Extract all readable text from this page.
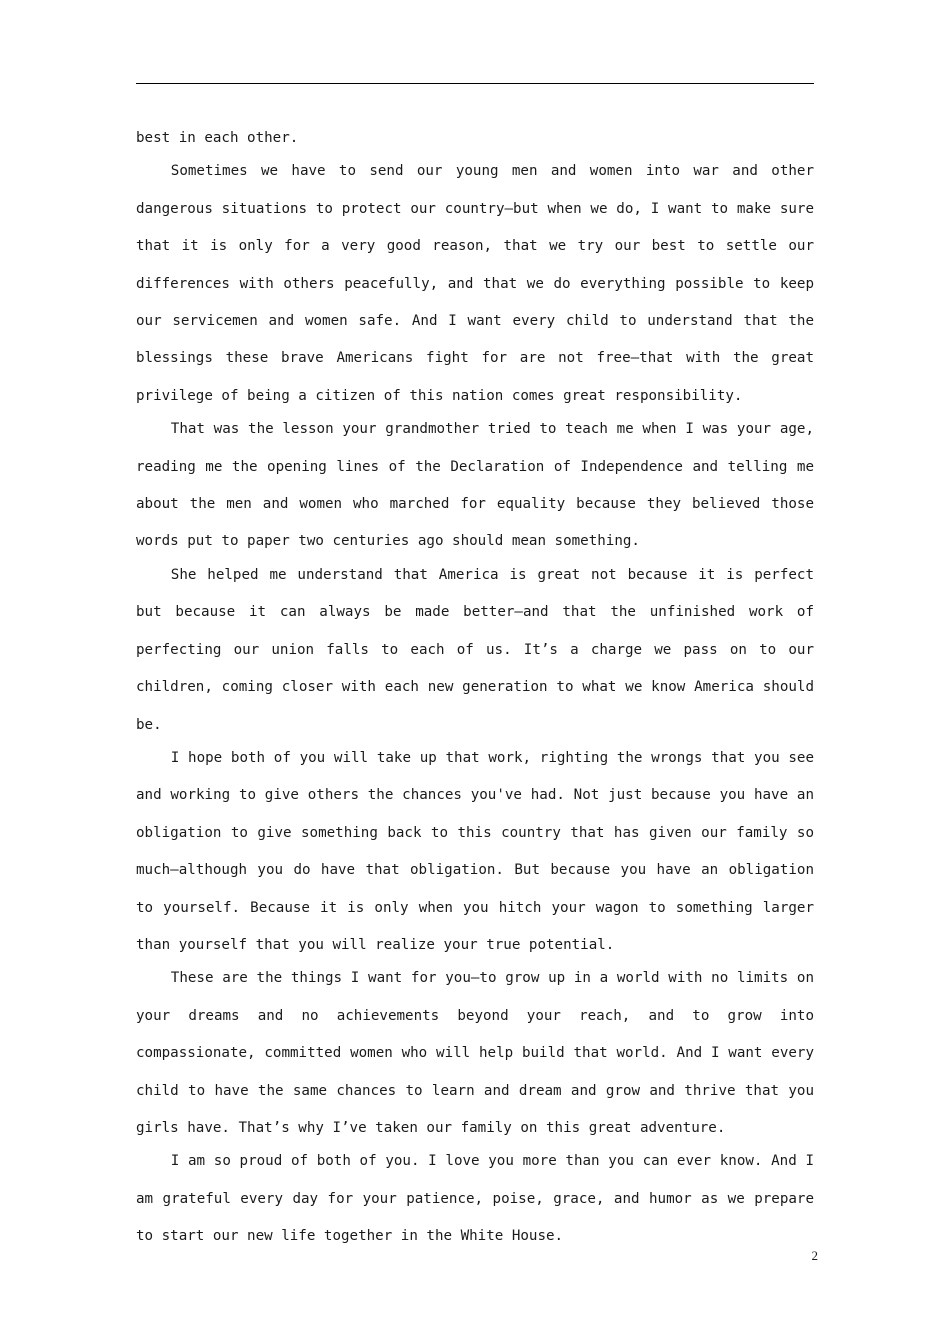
best in each other.

Sometimes we have to send our young men and women into war and other dangerous situations to protect our country—but when we do, I want to make sure that it is only for a very good reason, that we try our best to settle our differences with others peacefully, and that we do everything possible to keep our servicemen and women safe. And I want every child to understand that the blessings these brave Americans fight for are not free—that with the great privilege of being a citizen of this nation comes great responsibility.

That was the lesson your grandmother tried to teach me when I was your age, reading me the opening lines of the Declaration of Independence and telling me about the men and women who marched for equality because they believed those words put to paper two centuries ago should mean something.

She helped me understand that America is great not because it is perfect but because it can always be made better—and that the unfinished work of perfecting our union falls to each of us. It’s a charge we pass on to our children, coming closer with each new generation to what we know America should be.

I hope both of you will take up that work, righting the wrongs that you see and working to give others the chances you've had. Not just because you have an obligation to give something back to this country that has given our family so much—although you do have that obligation. But because you have an obligation to yourself. Because it is only when you hitch your wagon to something larger than yourself that you will realize your true potential.

These are the things I want for you—to grow up in a world with no limits on your dreams and no achievements beyond your reach, and to grow into compassionate, committed women who will help build that world. And I want every child to have the same chances to learn and dream and grow and thrive that you girls have. That’s why I’ve taken our family on this great adventure.

I am so proud of both of you. I love you more than you can ever know. And I am grateful every day for your patience, poise, grace, and humor as we prepare to start our new life together in the White House.

2
